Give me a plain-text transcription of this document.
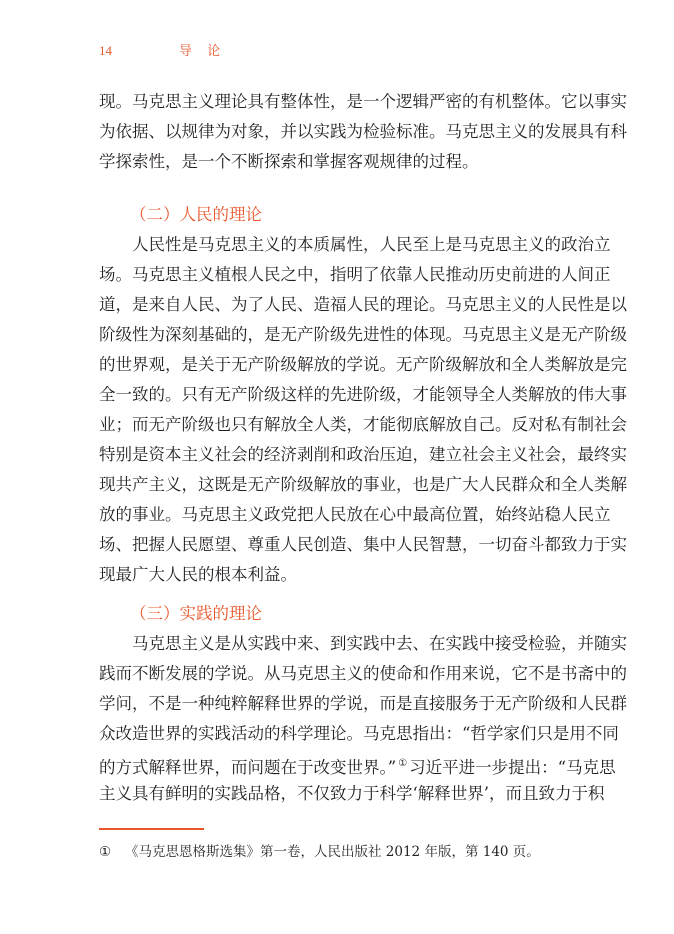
14	导 论
现。马克思主义理论具有整体性，是一个逻辑严密的有机整体。它以事实
为依据、以规律为对象，并以实践为检验标准。马克思主义的发展具有科
学探索性，是一个不断探索和掌握客观规律的过程。
（二）人民的理论
人民性是马克思主义的本质属性，人民至上是马克思主义的政治立
场。马克思主义植根人民之中，指明了依靠人民推动历史前进的人间正
道，是来自人民、为了人民、造福人民的理论。马克思主义的人民性是以
阶级性为深刻基础的，是无产阶级先进性的体现。马克思主义是无产阶级
的世界观，是关于无产阶级解放的学说。无产阶级解放和全人类解放是完
全一致的。只有无产阶级这样的先进阶级，才能领导全人类解放的伟大事
业；而无产阶级也只有解放全人类，才能彻底解放自己。反对私有制社会
特别是资本主义社会的经济剥削和政治压迫，建立社会主义社会，最终实
现共产主义，这既是无产阶级解放的事业，也是广大人民群众和全人类解
放的事业。马克思主义政党把人民放在心中最高位置，始终站稳人民立
场、把握人民愿望、尊重人民创造、集中人民智慧，一切奋斗都致力于实
现最广大人民的根本利益。
（三）实践的理论
马克思主义是从实践中来、到实践中去、在实践中接受检验，并随实
践而不断发展的学说。从马克思主义的使命和作用来说，它不是书斋中的
学问，不是一种纯粹解释世界的学说，而是直接服务于无产阶级和人民群
众改造世界的实践活动的科学理论。马克思指出：“哲学家们只是用不同
的方式解释世界，而问题在于改变世界。” ① 习近平进一步提出：“马克思
主义具有鲜明的实践品格，不仅致力于科学‘解释世界’，而且致力于积
① 《马克思恩格斯选集》第一卷，人民出版社 2012 年版，第 140 页。
